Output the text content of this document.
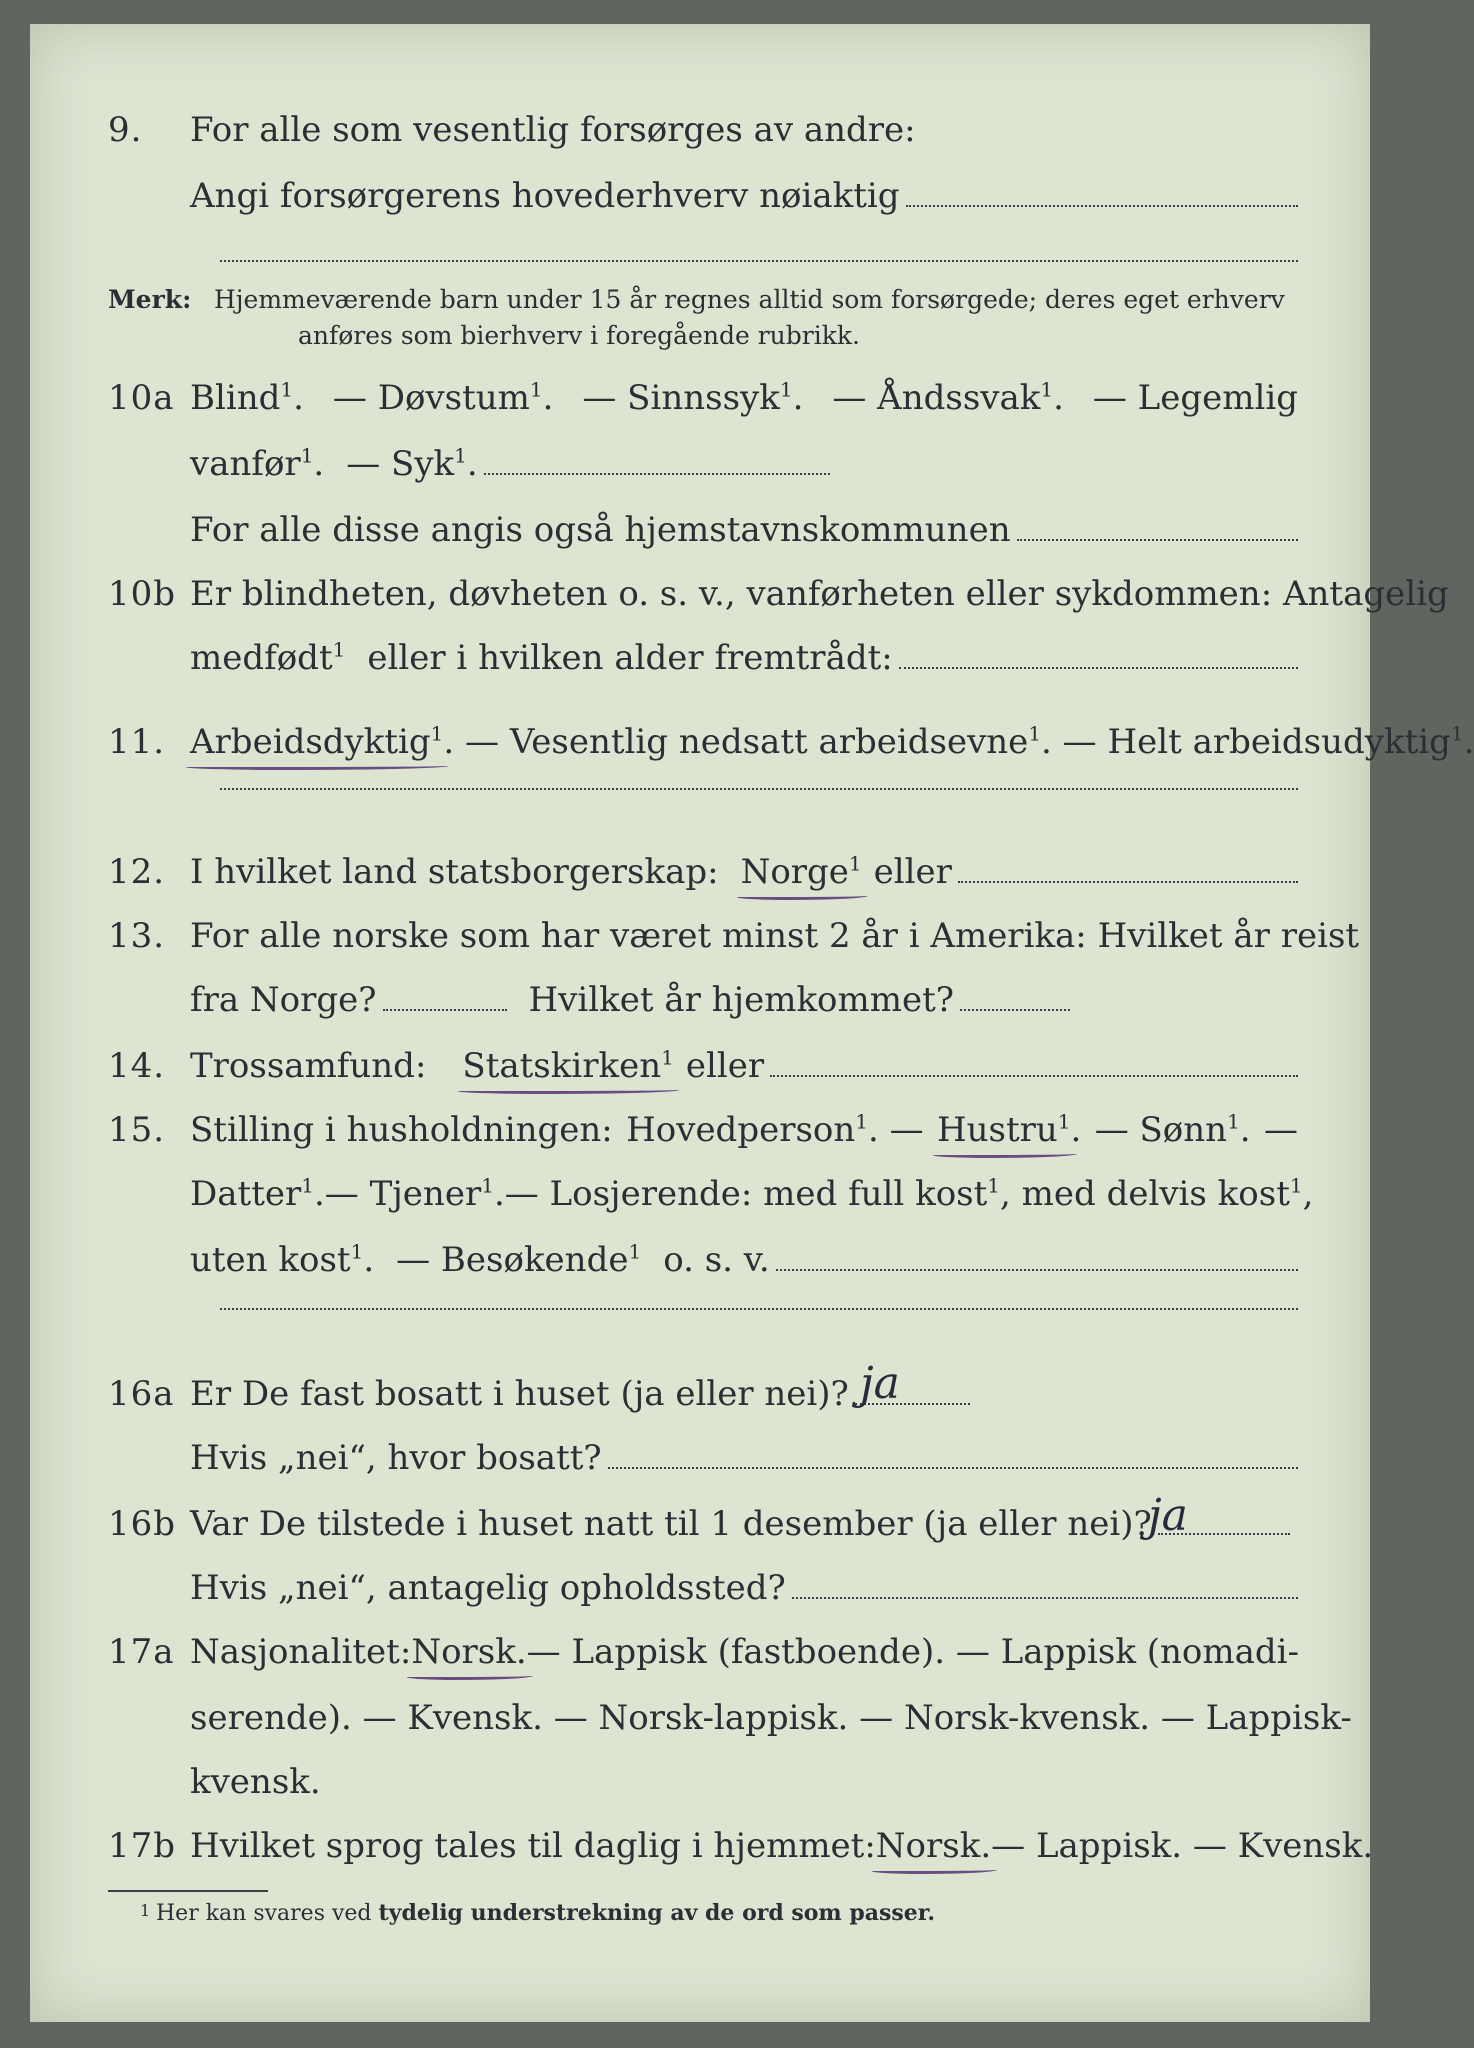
9. For alle som vesentlig forsørges av andre:
Angi forsørgerens hovederhverv nøiaktig
Merk: Hjemmeværende barn under 15 år regnes alltid som forsørgede; deres eget erhverv
anføres som bierhverv i foregående rubrikk.
10a Blind$^1$. — Døvstum$^1$. — Sinnssyk$^1$. — Åndssvak$^1$. — Legemlig
vanfør$^1$. — Syk$^1$.
For alle disse angis også hjemstavnskommunen
10b Er blindheten, døvheten o. s. v., vanførheten eller sykdommen: Antagelig
medfødt$^1$ eller i hvilken alder fremtrådt:
11. Arbeidsdyktig$^1$ . — Vesentlig nedsatt arbeidsevne$^1$. — Helt arbeidsudyktig$^1$.
12. I hvilket land statsborgerskap: Norge$^1$ eller
13. For alle norske som har været minst 2 år i Amerika: Hvilket år reist
fra Norge?	Hvilket år hjemkommet?
14. Trossamfund: Statskirken$^1$ eller
15. Stilling i husholdningen: Hovedperson$^1$. — Hustru$^1$. — Sønn$^1$. —
Datter$^1$. — Tjener$^1$. — Losjerende: med full kost$^1$ , med delvis kost$^1$,
uten kost$^1$. — Besøkende$^1$ o. s. v.
16a Er De fast bosatt i huset (ja eller nei)? ja
Hvis „nei“, hvor bosatt?
16b Var De tilstede i huset natt til 1 desember (ja eller nei)?
ja
Hvis „nei“, antagelig opholdssted?
17a Nasjonalitet: Norsk. — Lappisk (fastboende). — Lappisk (nomadi-
serende). — Kvensk. — Norsk-lappisk. — Norsk-kvensk. — Lappisk-
kvensk.
17b Hvilket sprog tales til daglig i hjemmet: Norsk. — Lappisk. — Kvensk.
1 Her kan svares ved tydelig understrekning av de ord som passer.
